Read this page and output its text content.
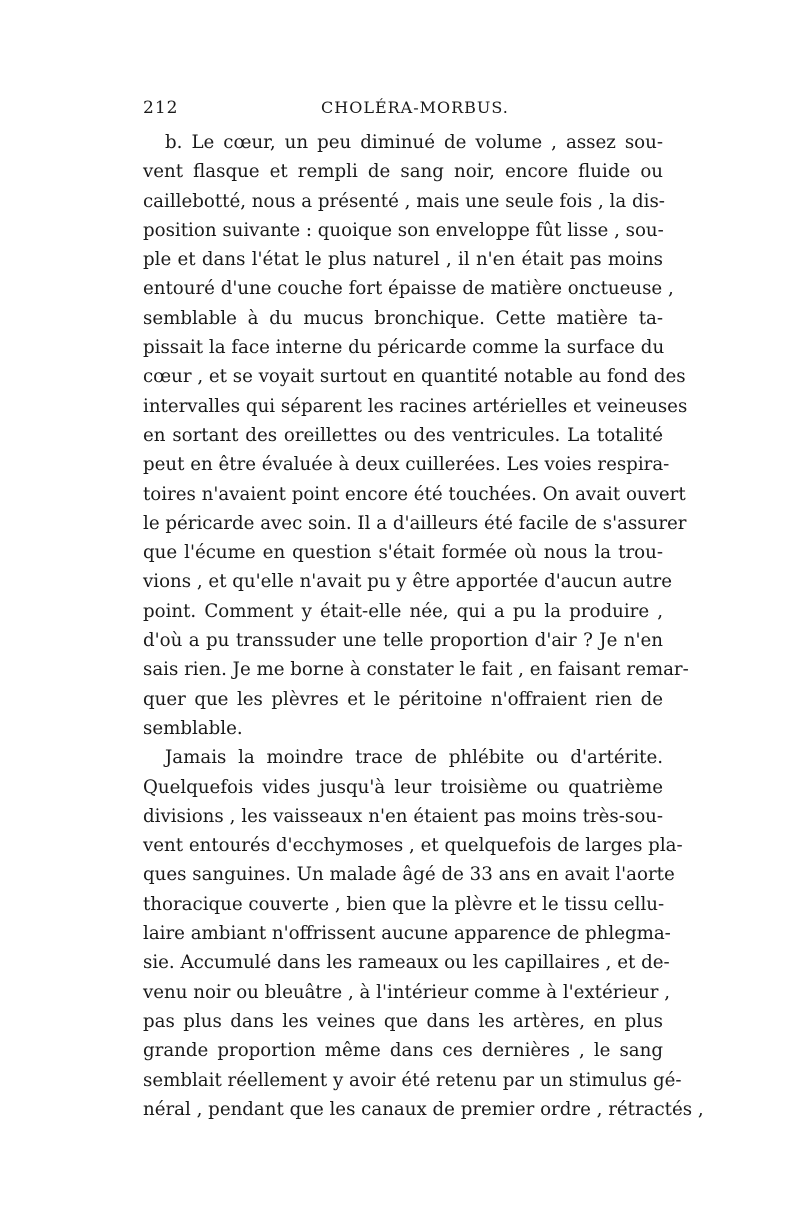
212	CHOLÉRA-MORBUS.
b. Le cœur, un peu diminué de volume , assez sou-
vent flasque et rempli de sang noir, encore fluide ou
caillebotté, nous a présenté , mais une seule fois , la dis-
position suivante : quoique son enveloppe fût lisse , sou-
ple et dans l'état le plus naturel , il n'en était pas moins
entouré d'une couche fort épaisse de matière onctueuse ,
semblable à du mucus bronchique. Cette matière ta-
pissait la face interne du péricarde comme la surface du
cœur , et se voyait surtout en quantité notable au fond des
intervalles qui séparent les racines artérielles et veineuses
en sortant des oreillettes ou des ventricules. La totalité
peut en être évaluée à deux cuillerées. Les voies respira-
toires n'avaient point encore été touchées. On avait ouvert
le péricarde avec soin. Il a d'ailleurs été facile de s'assurer
que l'écume en question s'était formée où nous la trou-
vions , et qu'elle n'avait pu y être apportée d'aucun autre
point. Comment y était-elle née, qui a pu la produire ,
d'où a pu transsuder une telle proportion d'air ? Je n'en
sais rien. Je me borne à constater le fait , en faisant remar-
quer que les plèvres et le péritoine n'offraient rien de
semblable.
Jamais la moindre trace de phlébite ou d'artérite.
Quelquefois vides jusqu'à leur troisième ou quatrième
divisions , les vaisseaux n'en étaient pas moins très-sou-
vent entourés d'ecchymoses , et quelquefois de larges pla-
ques sanguines. Un malade âgé de 33 ans en avait l'aorte
thoracique couverte , bien que la plèvre et le tissu cellu-
laire ambiant n'offrissent aucune apparence de phlegma-
sie. Accumulé dans les rameaux ou les capillaires , et de-
venu noir ou bleuâtre , à l'intérieur comme à l'extérieur ,
pas plus dans les veines que dans les artères, en plus
grande proportion même dans ces dernières , le sang
semblait réellement y avoir été retenu par un stimulus gé-
néral , pendant que les canaux de premier ordre , rétractés ,
